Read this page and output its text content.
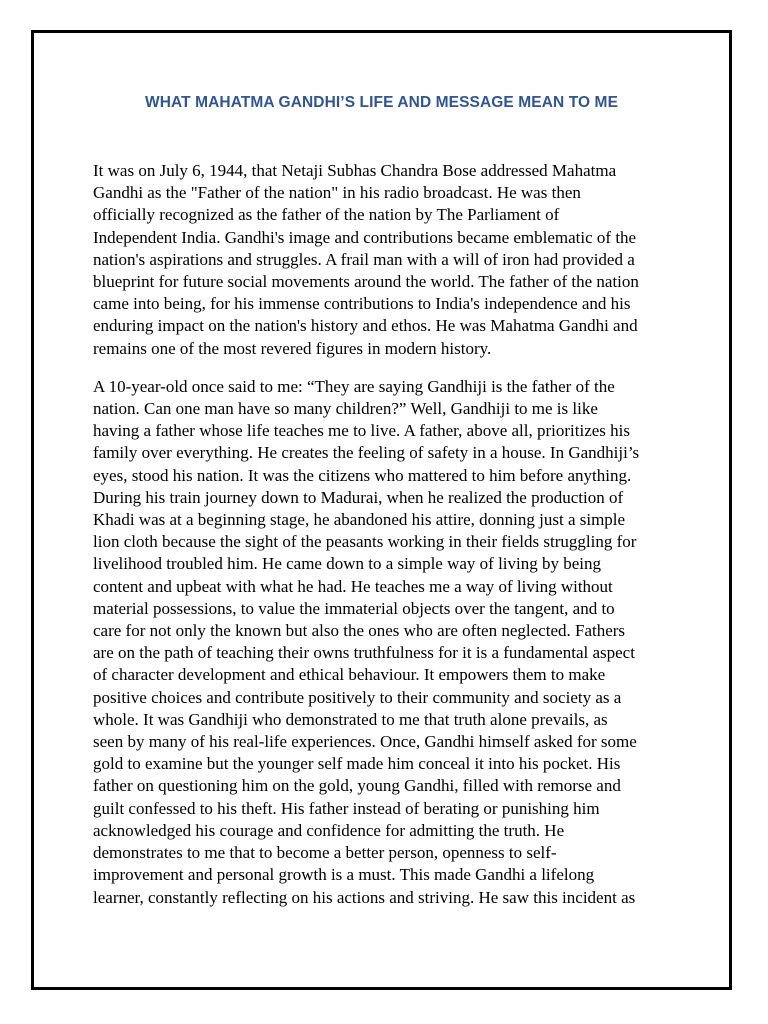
WHAT MAHATMA GANDHI’S LIFE AND MESSAGE MEAN TO ME
It was on July 6, 1944, that Netaji Subhas Chandra Bose addressed Mahatma
Gandhi as the "Father of the nation" in his radio broadcast. He was then
officially recognized as the father of the nation by The Parliament of
Independent India. Gandhi's image and contributions became emblematic of the
nation's aspirations and struggles. A frail man with a will of iron had provided a
blueprint for future social movements around the world. The father of the nation
came into being, for his immense contributions to India's independence and his
enduring impact on the nation's history and ethos. He was Mahatma Gandhi and
remains one of the most revered figures in modern history.
A 10-year-old once said to me: “They are saying Gandhiji is the father of the
nation. Can one man have so many children?” Well, Gandhiji to me is like
having a father whose life teaches me to live. A father, above all, prioritizes his
family over everything. He creates the feeling of safety in a house. In Gandhiji’s
eyes, stood his nation. It was the citizens who mattered to him before anything.
During his train journey down to Madurai, when he realized the production of
Khadi was at a beginning stage, he abandoned his attire, donning just a simple
lion cloth because the sight of the peasants working in their fields struggling for
livelihood troubled him. He came down to a simple way of living by being
content and upbeat with what he had. He teaches me a way of living without
material possessions, to value the immaterial objects over the tangent, and to
care for not only the known but also the ones who are often neglected. Fathers
are on the path of teaching their owns truthfulness for it is a fundamental aspect
of character development and ethical behaviour. It empowers them to make
positive choices and contribute positively to their community and society as a
whole. It was Gandhiji who demonstrated to me that truth alone prevails, as
seen by many of his real-life experiences. Once, Gandhi himself asked for some
gold to examine but the younger self made him conceal it into his pocket. His
father on questioning him on the gold, young Gandhi, filled with remorse and
guilt confessed to his theft. His father instead of berating or punishing him
acknowledged his courage and confidence for admitting the truth. He
demonstrates to me that to become a better person, openness to self-
improvement and personal growth is a must. This made Gandhi a lifelong
learner, constantly reflecting on his actions and striving. He saw this incident as
